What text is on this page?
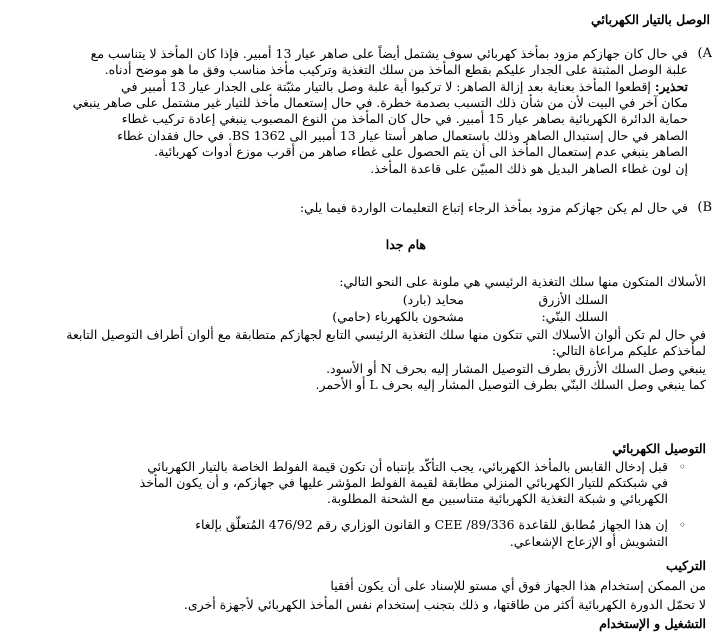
الوصل بالتيار الكهربائي
(A
في حال كان جهازكم مزود بمأخذ كهربائي سوف يشتمل أيضاً على صاهر عيار 13 أمبير. فإذا كان المأخذ لا يتناسب مع
علبة الوصل المثبتة على الجدار عليكم بقطع المأخذ من سلك التغذية وتركيب مأخذ مناسب وفق ما هو موضح أدناه.
تحذير: إقطعوا المأخذ بعناية بعد إزالة الصاهر: لا تركبوا أية علبة وصل بالتيار مثبّتة على الجدار عيار 13 أمبير في
مكان آخر في البيت لأن من شأن ذلك التسبب بصدمة خطرة. في حال إستعمال مأخذ للتيار غير مشتمل على صاهر ينبغي
حماية الدائرة الكهربائية بصاهر عيار 15 أمبير. في حال كان المأخذ من النوع المصبوب ينبغي إعادة تركيب غطاء
الصاهر في حال إستبدال الصاهر وذلك باستعمال صاهر أستا عيار 13 أمبير الى BS 1362. في حال فقدان غطاء
الصاهر ينبغي عدم إستعمال المأخذ الى أن يتم الحصول على غطاء صاهر من أقرب موزع أدوات كهربائية.
إن لون غطاء الصاهر البديل هو ذلك المبيّن على قاعدة المأخذ.
(B
في حال لم يكن جهازكم مزود بمأخذ الرجاء إتباع التعليمات الواردة فيما يلي:
هام جدا
الأسلاك المتكون منها سلك التغذية الرئيسي هي ملونة على النحو التالي:
السلك الأزرق
محايد (بارد)
السلك البنّي:
مشحون بالكهرباء (حامي)
في حال لم تكن ألوان الأسلاك التي تتكون منها سلك التغذية الرئيسي التابع لجهازكم متطابقة مع ألوان أطراف التوصيل التابعة
لمأخذكم عليكم مراعاة التالي:
ينبغي وصل السلك الأزرق بطرف التوصيل المشار إليه بحرف N أو الأسود.
كما ينبغي وصل السلك البنّي بطرف التوصيل المشار إليه بحرف L أو الأحمر.
التوصيل الكهربائي
◦
قبل إدخال القابس بالمأخذ الكهربائي، يجب التأكّد بإنتباه أن تكون قيمة الفولط الخاصة بالتيار الكهربائي
في شبكتكم للتيار الكهربائي المنزلي مطابقة لقيمة الفولط المؤشر عليها في جهازكم، و أن يكون المأخذ
الكهربائي و شبكة التغذية الكهربائية متناسبين مع الشحنة المطلوبة.
◦
إن هذا الجهاز مُطابق للقاعدة 89/336/ CEE و القانون الوزاري رقم 476/92 المُتعلّق بإلغاء
التشويش أو الإزعاج الإشعاعي.
التركيب
من الممكن إستخدام هذا الجهاز فوق أي مستو للإسناد على أن يكون أفقيا
لا تحمّل الدورة الكهربائية أكثر من طاقتها، و ذلك بتجنب إستخدام نفس المأخذ الكهربائي لأجهزة أخرى.
التشغيل و الإستخدام
